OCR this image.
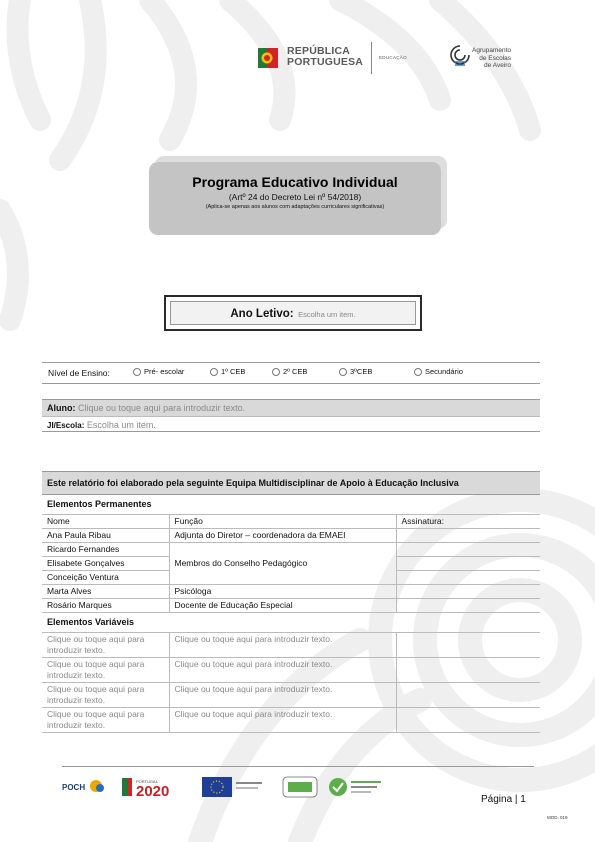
REPÚBLICA
PORTUGUESA	EDUCAÇÃO
Agrupamento
de Escolas
de Aveiro
Programa Educativo Individual
(Artº 24 do Decreto Lei nº 54/2018)
(Aplica-se apenas aos alunos com adaptações curriculares significativas)
Ano Letivo: Escolha um item.
Nível de Ensino:	Pré- escolar	1º CEB	2º CEB	3ºCEB	Secundário
Aluno: Clique ou toque aqui para introduzir texto.
JI/Escola: Escolha um item.
Este relatório foi elaborado pela seguinte Equipa Multidisciplinar de Apoio à Educação Inclusiva
Elementos Permanentes
Nome	Função	Assinatura:
Ana Paula Ribau	Adjunta do Diretor – coordenadora da EMAEI	
Ricardo Fernandes	Membros do Conselho Pedagógico	
Elisabete Gonçalves		
Conceição Ventura		
Marta Alves	Psicóloga	
Rosário Marques	Docente de Educação Especial	
Elementos Variáveis
Clique ou toque aqui para introduzir texto.	Clique ou toque aqui para introduzir texto.	
Clique ou toque aqui para introduzir texto.	Clique ou toque aqui para introduzir texto.	
Clique ou toque aqui para introduzir texto.	Clique ou toque aqui para introduzir texto.	
Clique ou toque aqui para introduzir texto.	Clique ou toque aqui para introduzir texto.	
POCH
PORTUGAL
2020	Página | 1
MOD. 019
